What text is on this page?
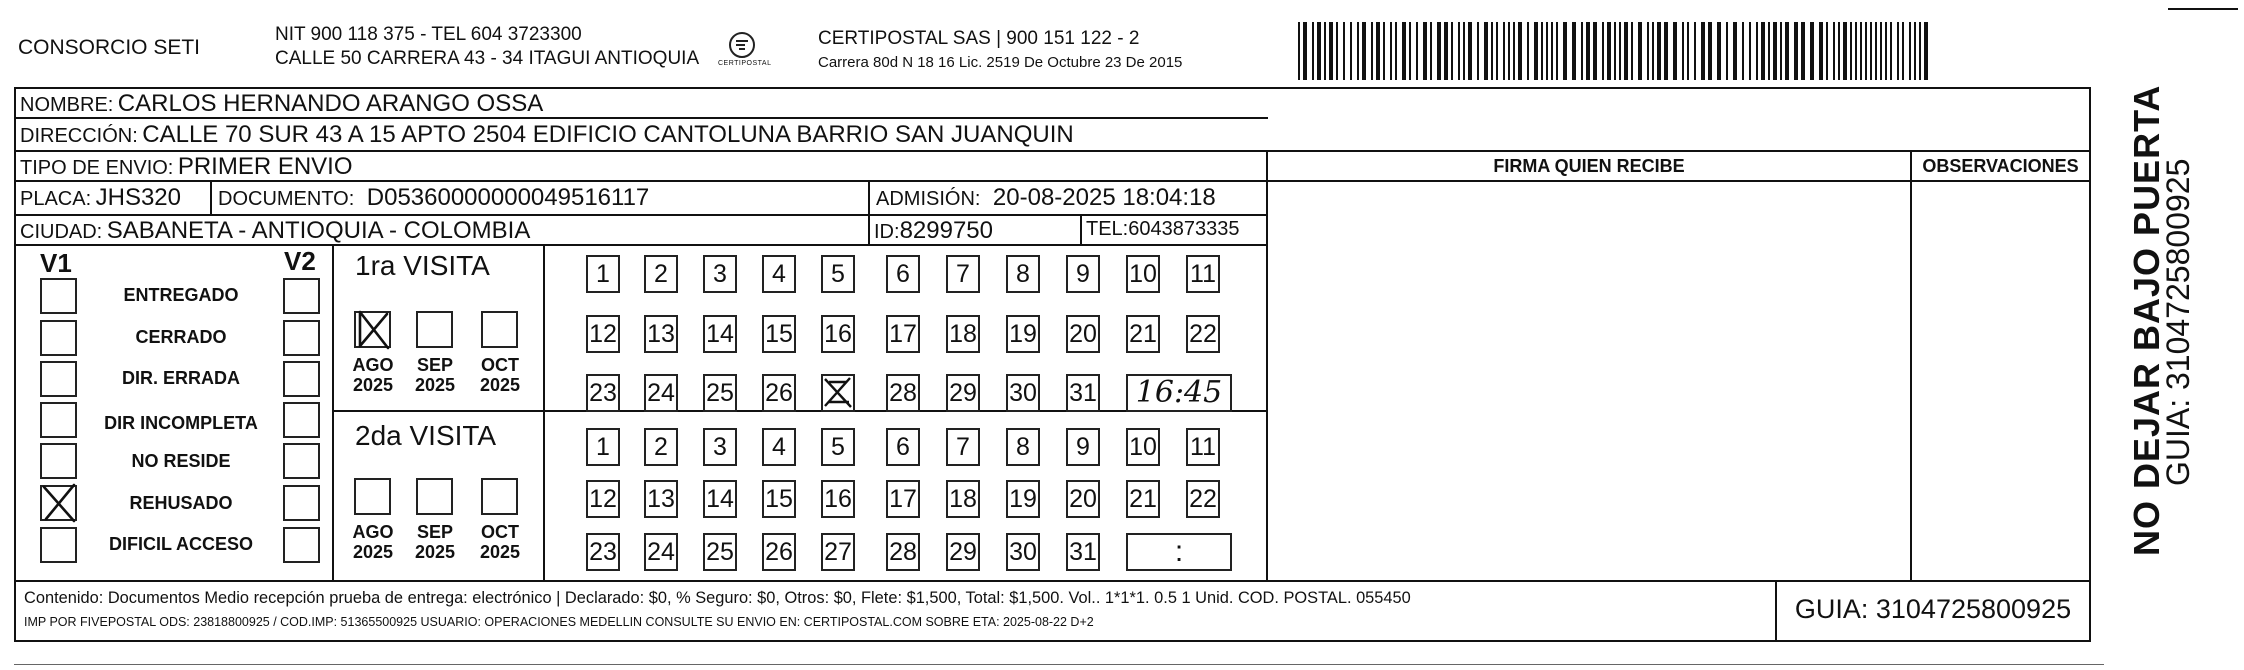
CONSORCIO SETI
NIT 900 118 375 - TEL 604 3723300
CALLE 50 CARRERA 43 - 34 ITAGUI ANTIOQUIA	CERTIPOSTAL
CERTIPOSTAL SAS | 900 151 122 - 2
Carrera 80d N 18 16 Lic. 2519 De Octubre 23 De 2015
NOMBRE: CARLOS HERNANDO ARANGO OSSA
DIRECCIÓN: CALLE 70 SUR 43 A 15 APTO 2504 EDIFICIO CANTOLUNA BARRIO SAN JUANQUIN
TIPO DE ENVIO: PRIMER ENVIO	FIRMA QUIEN RECIBE	OBSERVACIONES
PLACA: JHS320 DOCUMENTO: D05360000000049516117	ADMISIÓN: 20-08-2025 18:04:18
CIUDAD: SABANETA - ANTIOQUIA - COLOMBIA	ID:8299750	TEL:6043873335
V1	V2
ENTREGADO
CERRADO
DIR. ERRADA
DIR INCOMPLETA
NO RESIDE
REHUSADO
DIFICIL ACCESO
1ra VISITA
AGO
2025
SEP
2025
OCT
2025
2da VISITA
AGO
2025
SEP
2025
OCT
2025
1	2	3	4	5	6	7	8	9	10 11
12 13 14 15 16 17 18 19 20 21 22
23 24 25 26	28 29 30 31 16:45
1	2	3	4	5	6	7	8	9	10 11
12 13 14 15 16 17 18 19 20 21 22
23 24 25 26 27 28 29 30 31	:
Contenido: Documentos Medio recepción prueba de entrega: electrónico | Declarado: $0, % Seguro: $0, Otros: $0, Flete: $1,500, Total: $1,500. Vol.. 1*1*1. 0.5 1 Unid. COD. POSTAL. 055450
IMP POR FIVEPOSTAL ODS: 23818800925 / COD.IMP: 51365500925 USUARIO: OPERACIONES MEDELLIN CONSULTE SU ENVIO EN: CERTIPOSTAL.COM SOBRE ETA: 2025-08-22 D+2	GUIA: 3104725800925
NO DEJAR BAJO PUERTA
GUIA: 3104725800925
